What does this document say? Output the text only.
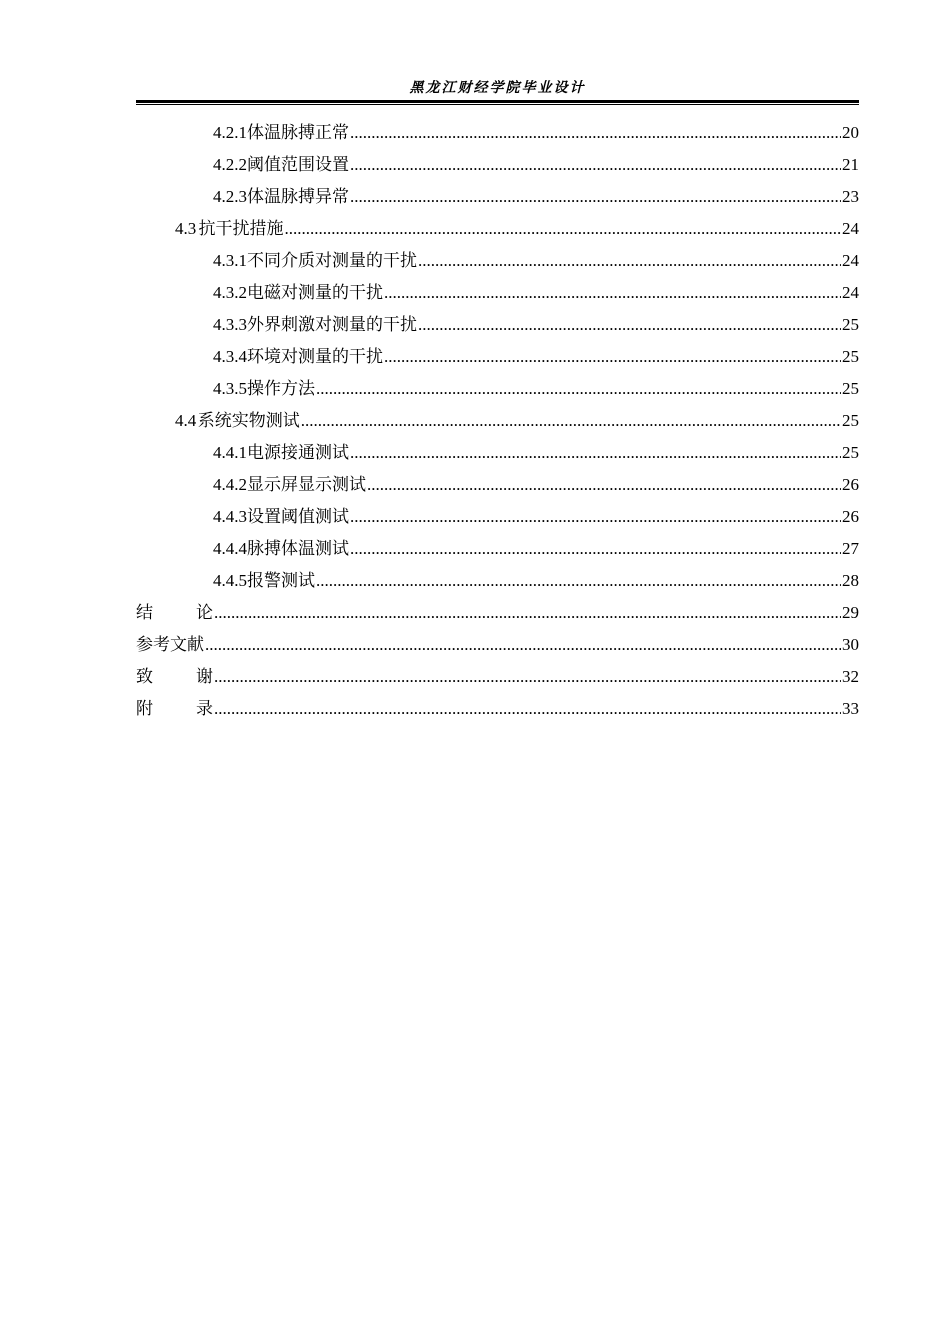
黑龙江财经学院毕业设计
4.2.1 体温脉搏正常 .....	20
4.2.2 阈值范围设置 .....	21
4.2.3 体温脉搏异常 .....	23
4.3 抗干扰措施 .....	24
4.3.1 不同介质对测量的干扰 .....	24
4.3.2 电磁对测量的干扰 .....	24
4.3.3 外界刺激对测量的干扰 .....	25
4.3.4 环境对测量的干扰 .....	25
4.3.5 操作方法 .....	25
4.4 系统实物测试 .....	25
4.4.1 电源接通测试 .....	25
4.4.2 显示屏显示测试 .....	26
4.4.3 设置阈值测试 .....	26
4.4.4 脉搏体温测试 .....	27
4.4.5 报警测试 .....	28
结	论 .....	29
参考文献 .....	30
致	谢 .....	32
附	录 .....	33
